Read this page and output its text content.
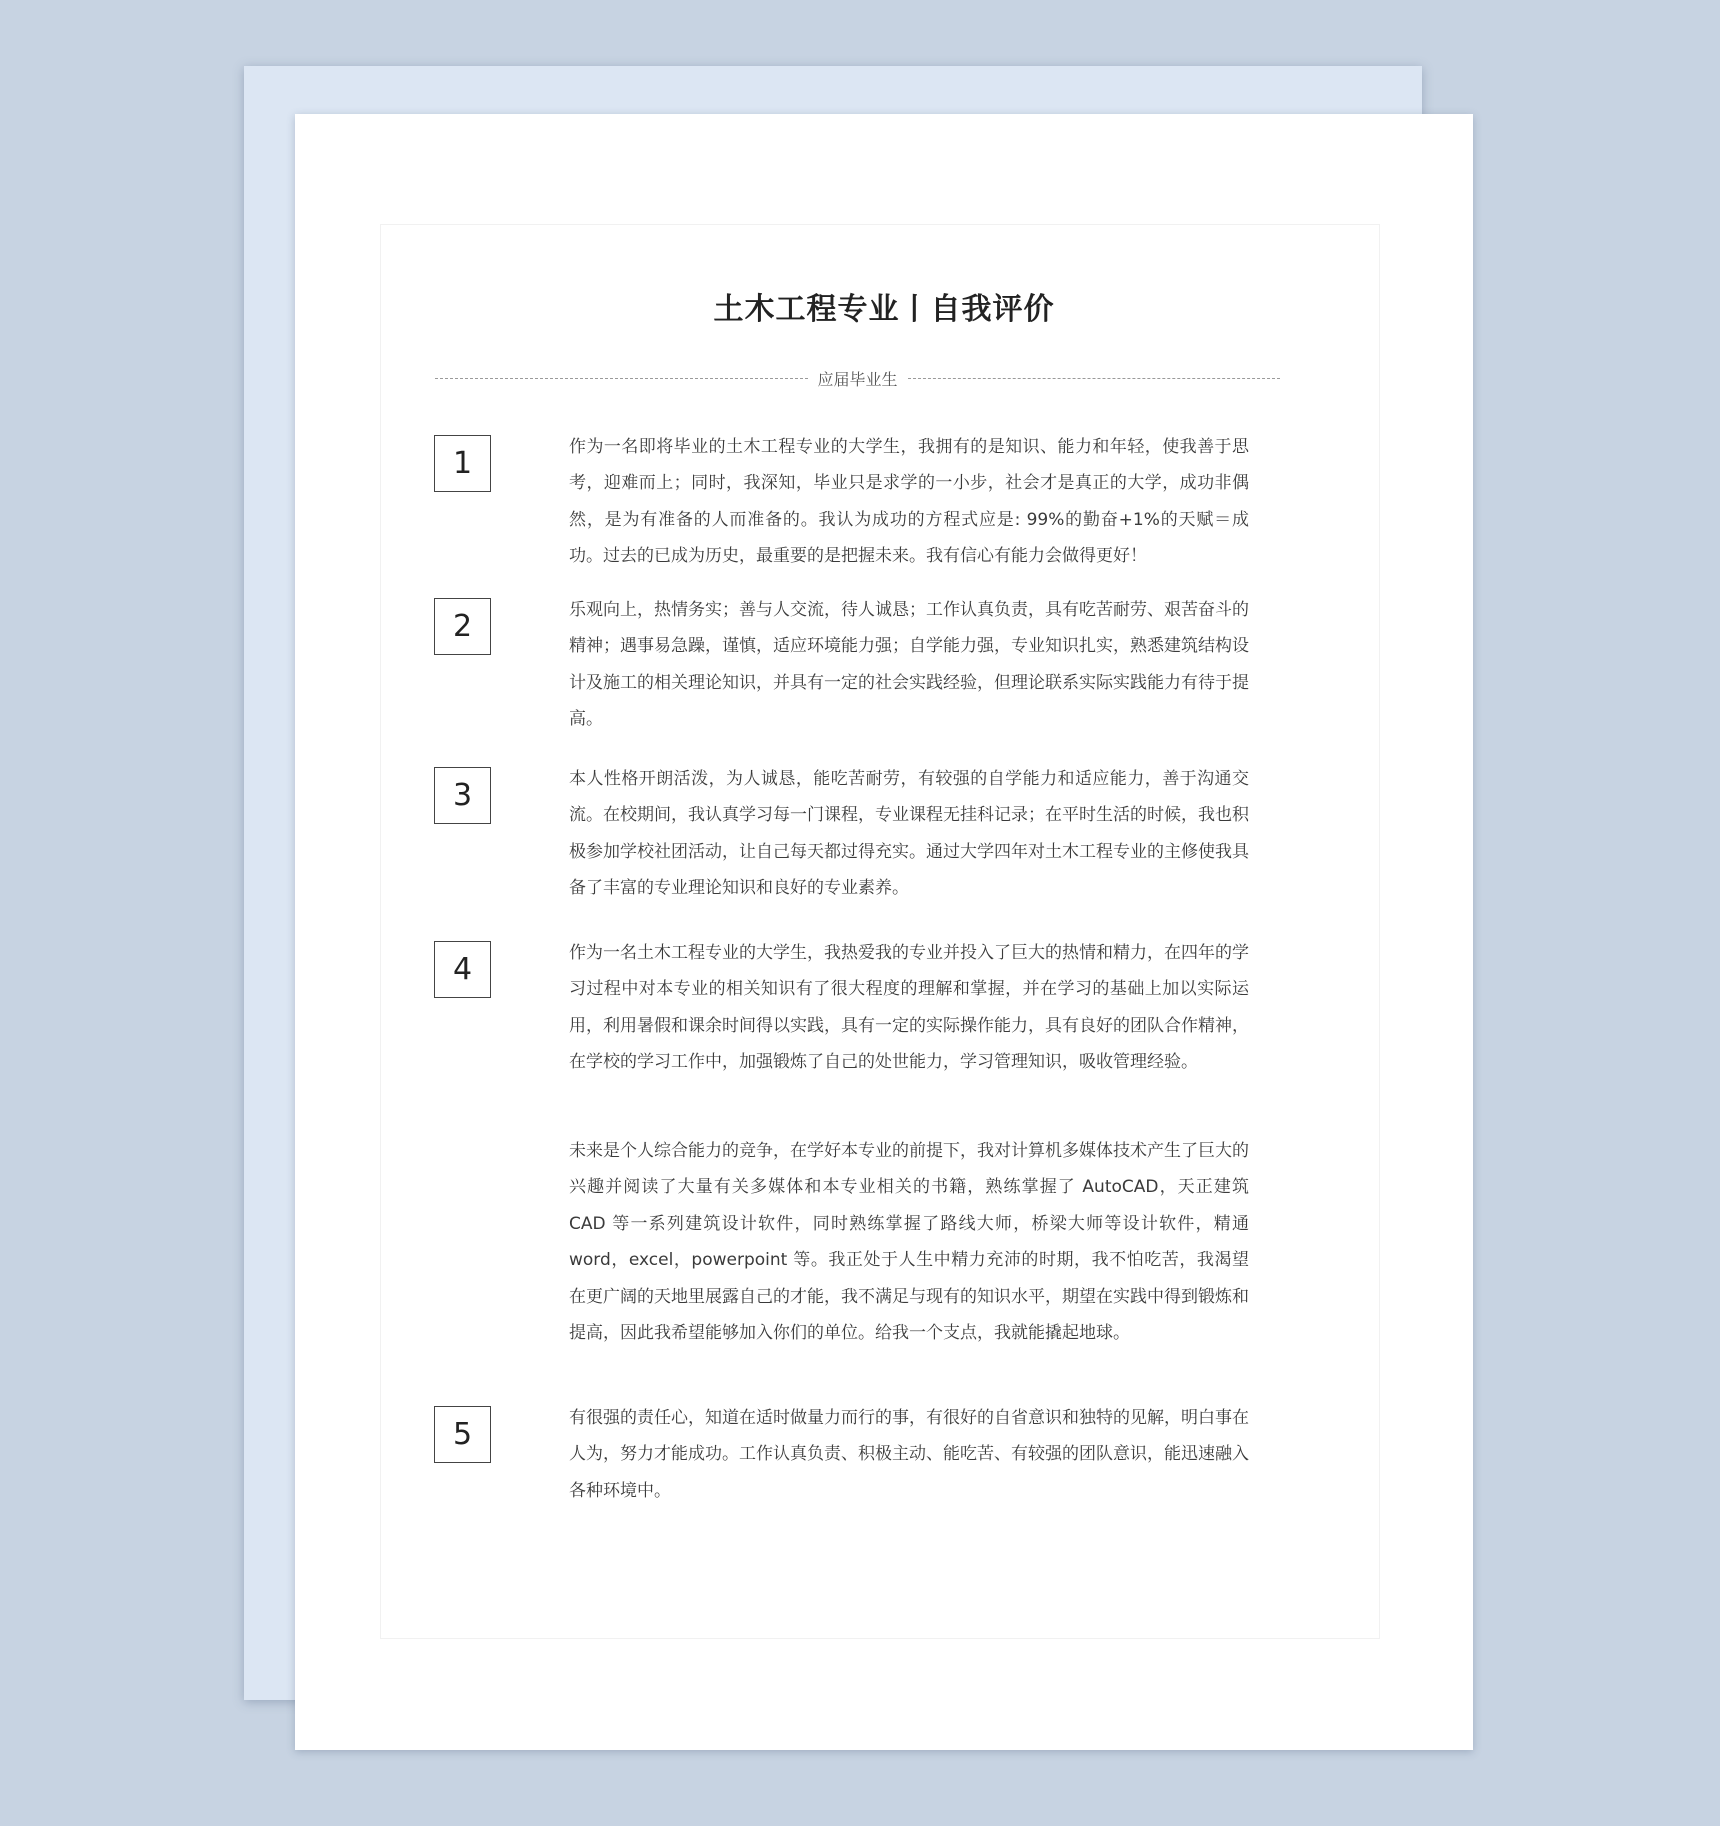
土木工程专业丨自我评价
应届毕业生
1	作为一名即将毕业的土木工程专业的大学生，我拥有的是知识、能力和年轻，使我善于思考，迎难而上；同时，我深知，毕业只是求学的一小步，社会才是真正的大学，成功非偶然，是为有准备的人而准备的。我认为成功的方程式应是: 99%的勤奋+1%的天赋＝成功。过去的已成为历史，最重要的是把握未来。我有信心有能力会做得更好！

2	乐观向上，热情务实；善与人交流，待人诚恳；工作认真负责，具有吃苦耐劳、艰苦奋斗的精神；遇事易急躁，谨慎，适应环境能力强；自学能力强，专业知识扎实，熟悉建筑结构设计及施工的相关理论知识，并具有一定的社会实践经验，但理论联系实际实践能力有待于提高。

3	本人性格开朗活泼，为人诚恳，能吃苦耐劳，有较强的自学能力和适应能力，善于沟通交流。在校期间，我认真学习每一门课程，专业课程无挂科记录；在平时生活的时候，我也积极参加学校社团活动，让自己每天都过得充实。通过大学四年对土木工程专业的主修使我具备了丰富的专业理论知识和良好的专业素养。

4	作为一名土木工程专业的大学生，我热爱我的专业并投入了巨大的热情和精力，在四年的学习过程中对本专业的相关知识有了很大程度的理解和掌握，并在学习的基础上加以实际运用，利用暑假和课余时间得以实践，具有一定的实际操作能力，具有良好的团队合作精神，在学校的学习工作中，加强锻炼了自己的处世能力，学习管理知识，吸收管理经验。

未来是个人综合能力的竞争，在学好本专业的前提下，我对计算机多媒体技术产生了巨大的兴趣并阅读了大量有关多媒体和本专业相关的书籍，熟练掌握了 AutoCAD，天正建筑 CAD 等一系列建筑设计软件，同时熟练掌握了路线大师，桥梁大师等设计软件，精通 word，excel，powerpoint 等。我正处于人生中精力充沛的时期，我不怕吃苦，我渴望在更广阔的天地里展露自己的才能，我不满足与现有的知识水平，期望在实践中得到锻炼和提高，因此我希望能够加入你们的单位。给我一个支点，我就能撬起地球。

5	有很强的责任心，知道在适时做量力而行的事，有很好的自省意识和独特的见解，明白事在人为，努力才能成功。工作认真负责、积极主动、能吃苦、有较强的团队意识，能迅速融入各种环境中。
